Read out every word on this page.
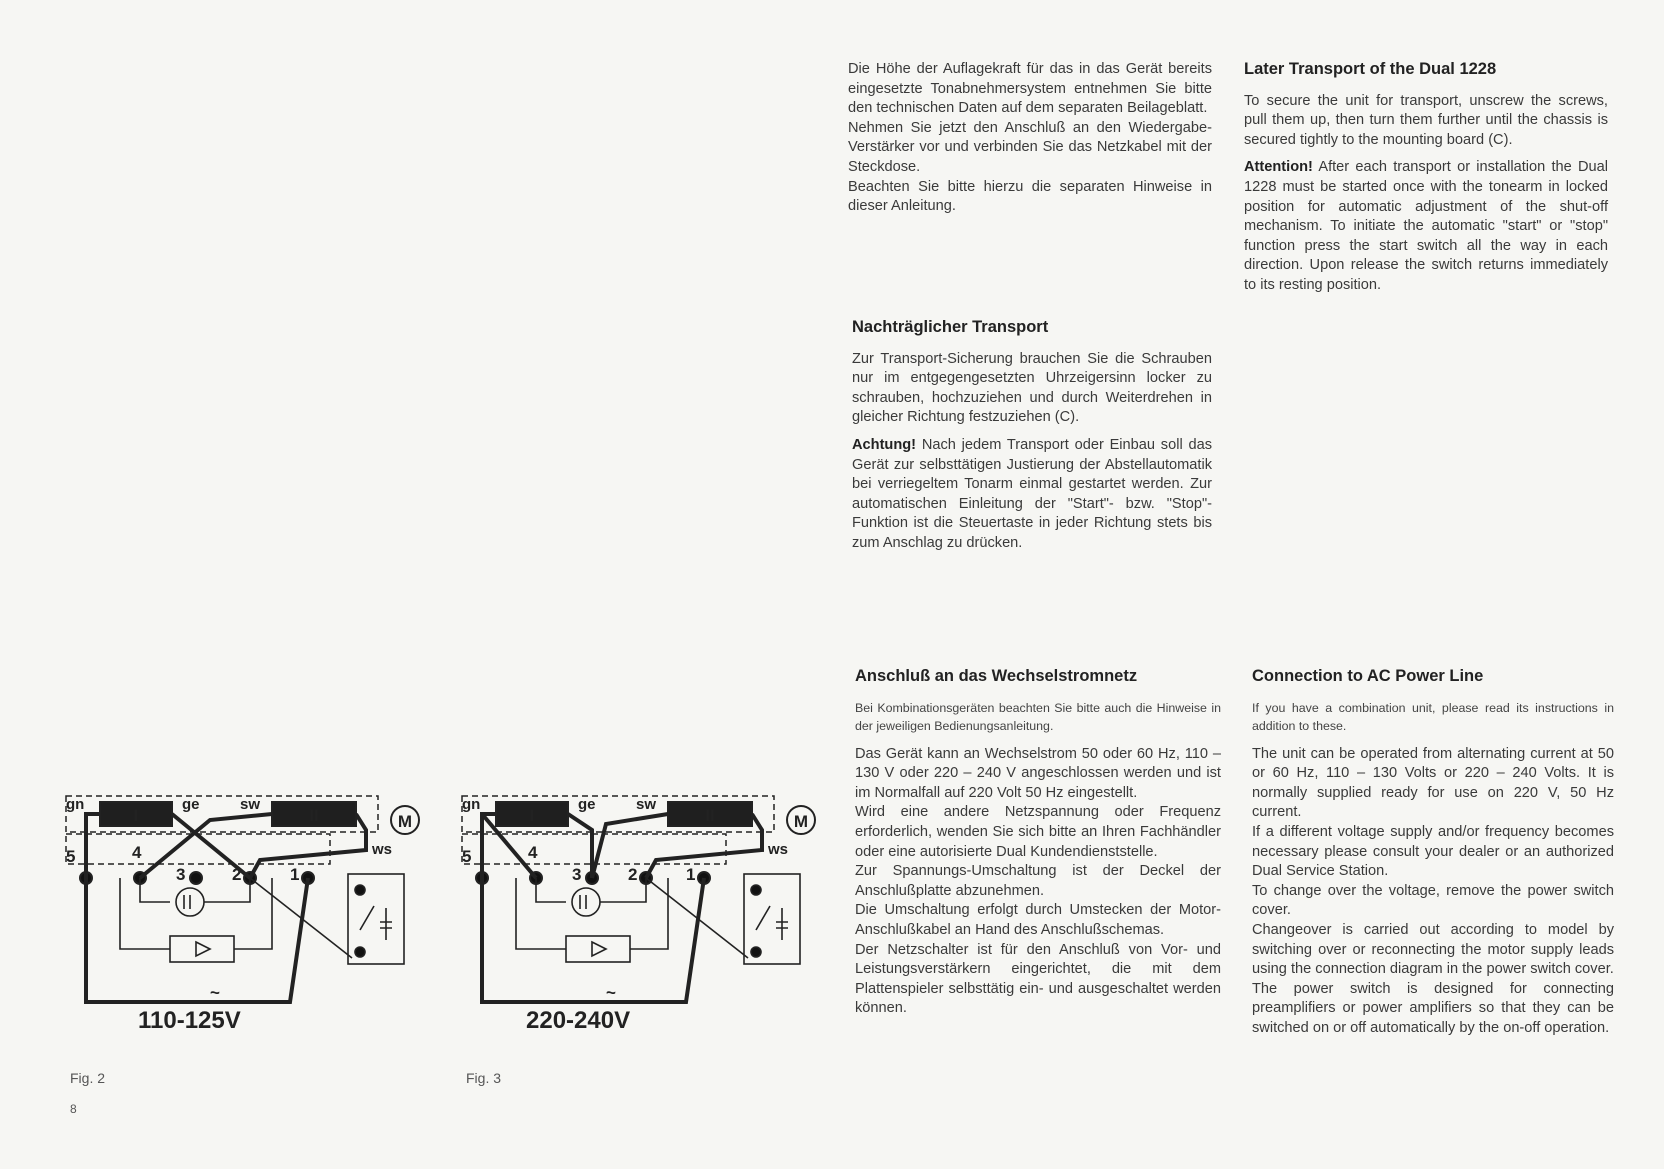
Die Höhe der Auflagekraft für das in das Gerät bereits eingesetzte Tonabnehmersystem entnehmen Sie bitte den technischen Daten auf dem separaten Beilageblatt.

Nehmen Sie jetzt den Anschluß an den Wiedergabe-Verstärker vor und verbinden Sie das Netzkabel mit der Steckdose.

Beachten Sie bitte hierzu die separaten Hinweise in dieser Anleitung.

Nachträglicher Transport

Zur Transport-Sicherung brauchen Sie die Schrauben nur im entgegengesetzten Uhrzeigersinn locker zu schrauben, hochzuziehen und durch Weiterdrehen in gleicher Richtung festzuziehen (C).

Achtung! Nach jedem Transport oder Einbau soll das Gerät zur selbsttätigen Justierung der Abstellautomatik bei verriegeltem Tonarm einmal gestartet werden. Zur automatischen Einleitung der "Start"- bzw. "Stop"-Funktion ist die Steuertaste in jeder Richtung stets bis zum Anschlag zu drücken.

Later Transport of the Dual 1228

To secure the unit for transport, unscrew the screws, pull them up, then turn them further until the chassis is secured tightly to the mounting board (C).

Attention! After each transport or installation the Dual 1228 must be started once with the tonearm in locked position for automatic adjustment of the shut-off mechanism. To initiate the automatic "start" or "stop" function press the start switch all the way in each direction. Upon release the switch returns immediately to its resting position.

Anschluß an das Wechselstromnetz

Bei Kombinationsgeräten beachten Sie bitte auch die Hinweise in der jeweiligen Bedienungsanleitung.

Das Gerät kann an Wechselstrom 50 oder 60 Hz, 110 – 130 V oder 220 – 240 V angeschlossen werden und ist im Normalfall auf 220 Volt 50 Hz eingestellt.

Wird eine andere Netzspannung oder Frequenz erforderlich, wenden Sie sich bitte an Ihren Fachhändler oder eine autorisierte Dual Kundendienststelle.

Zur Spannungs-Umschaltung ist der Deckel der Anschlußplatte abzunehmen.

Die Umschaltung erfolgt durch Umstecken der Motor-Anschlußkabel an Hand des Anschlußschemas.

Der Netzschalter ist für den Anschluß von Vor- und Leistungsverstärkern eingerichtet, die mit dem Plattenspieler selbsttätig ein- und ausgeschaltet werden können.

Connection to AC Power Line

If you have a combination unit, please read its instructions in addition to these.

The unit can be operated from alternating current at 50 or 60 Hz, 110 – 130 Volts or 220 – 240 Volts. It is normally supplied ready for use on 220 V, 50 Hz current.

If a different voltage supply and/or frequency becomes necessary please consult your dealer or an authorized Dual Service Station.

To change over the voltage, remove the power switch cover.

Changeover is carried out according to model by switching over or reconnecting the motor supply leads using the connection diagram in the power switch cover.

The power switch is designed for connecting preamplifiers or power amplifiers so that they can be switched on or off automatically by the on-off operation.

I	II
gn	ge	sw
ws
M
5	4
3	2	1
~
110-125V
Fig. 2
I	II
gn	ge	sw
ws
M
5	4
3	2	1
~
220-240V
Fig. 3
8
